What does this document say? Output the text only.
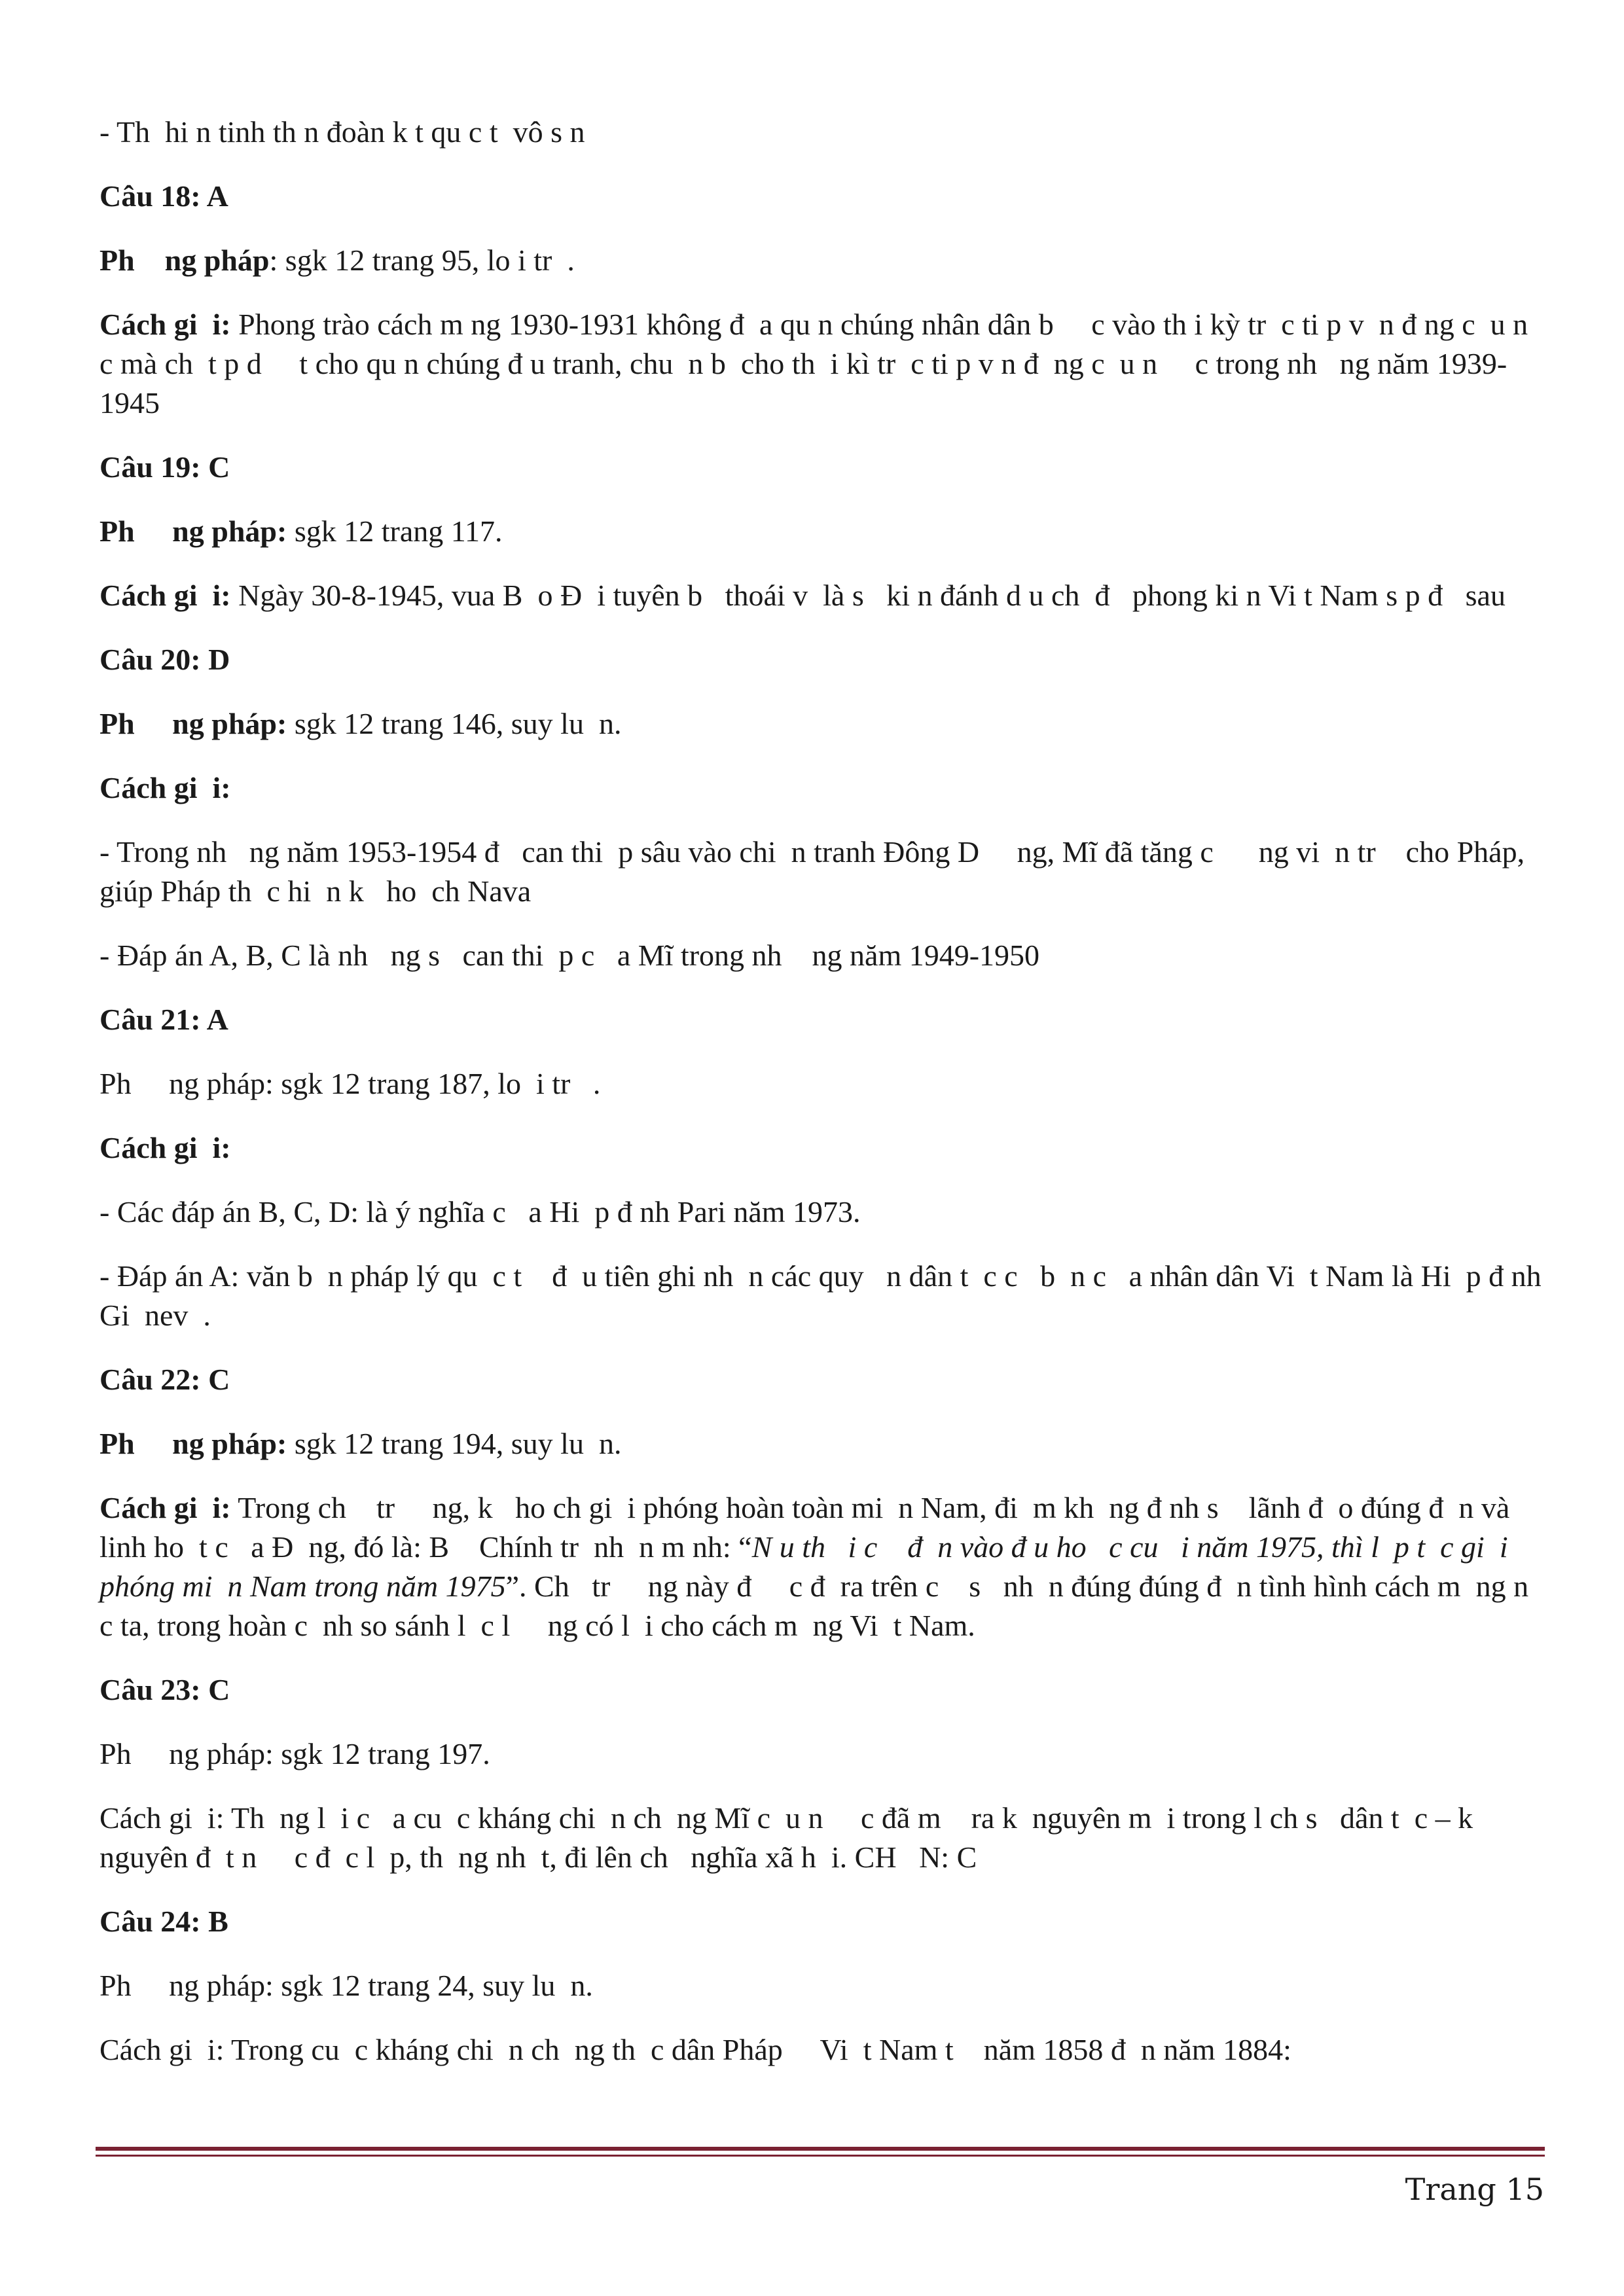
- Th  hi n tinh th n đoàn k t qu c t  vô s n

Câu 18: A

Ph    ng pháp: sgk 12 trang 95, lo i tr  .

Cách gi  i: Phong trào cách m ng 1930-1931 không đ  a qu n chúng nhân dân b     c vào th i kỳ tr  c ti p v  n đ ng c  u n     c mà ch  t p d     t cho qu n chúng đ u tranh, chu  n b  cho th  i kì tr  c ti p v n đ  ng c  u n     c trong nh   ng năm 1939-1945

Câu 19: C

Ph     ng pháp: sgk 12 trang 117.

Cách gi  i: Ngày 30-8-1945, vua B  o Đ  i tuyên b   thoái v  là s   ki n đánh d u ch  đ   phong ki n Vi t Nam s p đ   sau

Câu 20: D

Ph     ng pháp: sgk 12 trang 146, suy lu  n.

Cách gi  i:

- Trong nh   ng năm 1953-1954 đ   can thi  p sâu vào chi  n tranh Đông D     ng, Mĩ đã tăng c      ng vi  n tr    cho Pháp, giúp Pháp th  c hi  n k   ho  ch Nava

- Đáp án A, B, C là nh   ng s   can thi  p c   a Mĩ trong nh    ng năm 1949-1950

Câu 21: A

Ph     ng pháp: sgk 12 trang 187, lo  i tr   .

Cách gi  i:

- Các đáp án B, C, D: là ý nghĩa c   a Hi  p đ nh Pari năm 1973.

- Đáp án A: văn b  n pháp lý qu  c t    đ  u tiên ghi nh  n các quy   n dân t  c c   b  n c   a nhân dân Vi  t Nam là Hi  p đ nh Gi  nev  .

Câu 22: C

Ph     ng pháp: sgk 12 trang 194, suy lu  n.

Cách gi  i: Trong ch    tr     ng, k   ho ch gi  i phóng hoàn toàn mi  n Nam, đi  m kh  ng đ nh s    lãnh đ  o đúng đ  n và linh ho  t c   a Đ  ng, đó là: B    Chính tr  nh  n m nh: “N u th   i c    đ  n vào đ u ho   c cu   i năm 1975, thì l  p t  c gi  i phóng mi  n Nam trong năm 1975”. Ch   tr     ng này đ     c đ  ra trên c    s   nh  n đúng đúng đ  n tình hình cách m  ng n     c ta, trong hoàn c  nh so sánh l  c l     ng có l  i cho cách m  ng Vi  t Nam.

Câu 23: C

Ph     ng pháp: sgk 12 trang 197.

Cách gi  i: Th  ng l  i c   a cu  c kháng chi  n ch  ng Mĩ c  u n     c đã m    ra k  nguyên m  i trong l ch s   dân t  c – k  nguyên đ  t n     c đ  c l  p, th  ng nh  t, đi lên ch   nghĩa xã h  i. CH   N: C

Câu 24: B

Ph     ng pháp: sgk 12 trang 24, suy lu  n.

Cách gi  i: Trong cu  c kháng chi  n ch  ng th  c dân Pháp     Vi  t Nam t    năm 1858 đ  n năm 1884:

Trang 15
